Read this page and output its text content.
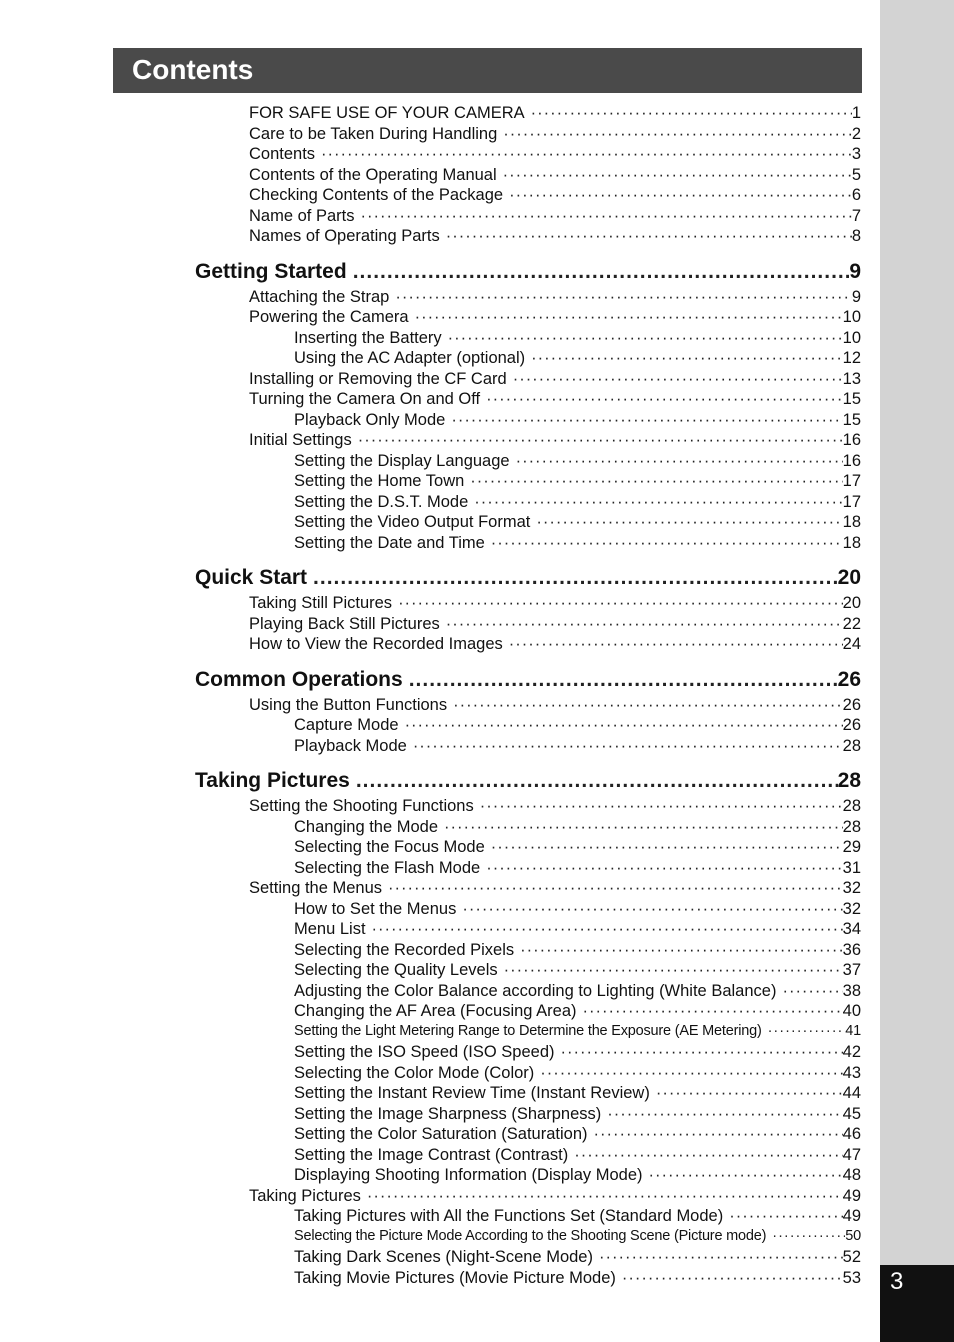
3
Contents
FOR SAFE USE OF YOUR CAMERA ·····	1
Care to be Taken During Handling ·····	2
Contents ·····	3
Contents of the Operating Manual ·····	5
Checking Contents of the Package ·····	6
Name of Parts ·····	7
Names of Operating Parts ·····	8
Getting Started .....	9
Attaching the Strap ·····	9
Powering the Camera ·····	10
Inserting the Battery ·····	10
Using the AC Adapter (optional) ·····	12
Installing or Removing the CF Card ·····	13
Turning the Camera On and Off ·····	15
Playback Only Mode ·····	15
Initial Settings ·····	16
Setting the Display Language ·····	16
Setting the Home Town ·····	17
Setting the D.S.T. Mode ·····	17
Setting the Video Output Format ·····	18
Setting the Date and Time ·····	18
Quick Start .....	20
Taking Still Pictures ·····	20
Playing Back Still Pictures ·····	22
How to View the Recorded Images ·····	24
Common Operations .....	26
Using the Button Functions ·····	26
Capture Mode ·····	26
Playback Mode ·····	28
Taking Pictures .....	28
Setting the Shooting Functions ·····	28
Changing the Mode ·····	28
Selecting the Focus Mode ·····	29
Selecting the Flash Mode ·····	31
Setting the Menus ·····	32
How to Set the Menus ·····	32
Menu List ·····	34
Selecting the Recorded Pixels ·····	36
Selecting the Quality Levels ·····	37
Adjusting the Color Balance according to Lighting (White Balance) ·····	38
Changing the AF Area (Focusing Area) ·····	40
Setting the Light Metering Range to Determine the Exposure (AE Metering) ·····	41
Setting the ISO Speed (ISO Speed) ·····	42
Selecting the Color Mode (Color) ·····	43
Setting the Instant Review Time (Instant Review) ·····	44
Setting the Image Sharpness (Sharpness) ·····	45
Setting the Color Saturation (Saturation) ·····	46
Setting the Image Contrast (Contrast) ·····	47
Displaying Shooting Information (Display Mode) ·····	48
Taking Pictures ·····	49
Taking Pictures with All the Functions Set (Standard Mode) ·····	49
Selecting the Picture Mode According to the Shooting Scene (Picture mode) ·····	50
Taking Dark Scenes (Night-Scene Mode) ·····	52
Taking Movie Pictures (Movie Picture Mode) ·····	53
